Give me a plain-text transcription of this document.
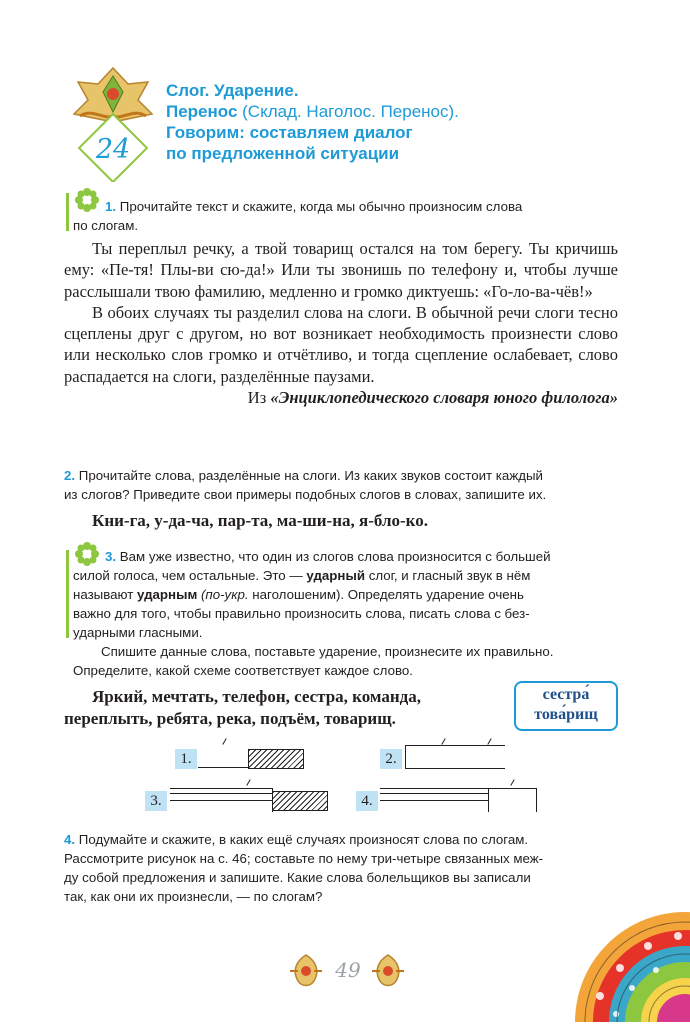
24
Слог. Ударение.
Перенос (Склад. Наголос. Перенос).
Говорим: составляем диалог
по предложенной ситуации
1. Прочитайте текст и скажите, когда мы обычно произносим слова
по слогам.
Ты переплыл речку, а твой товарищ остался на том берегу. Ты кричишь ему: «Пе-тя! Плы-ви сю-да!» Или ты звонишь по телефону и, чтобы лучше расслышали твою фамилию, медленно и громко диктуешь: «Го-ло-ва-чёв!»
В обоих случаях ты разделил слова на слоги. В обычной речи слоги тесно сцеплены друг с другом, но вот возникает необходимость произнести слово или несколько слов громко и отчётливо, и тогда сцепление ослабевает, слово распадается на слоги, разделённые паузами.
Из «Энциклопедического словаря юного филолога»
2. Прочитайте слова, разделённые на слоги. Из каких звуков состоит каждый
из слогов? Приведите свои примеры подобных слогов в словах, запишите их.
Кни-га, у-да-ча, пар-та, ма-ши-на, я-бло-ко.
3. Вам уже известно, что один из слогов слова произносится с большей
силой голоса, чем остальные. Это — ударный слог, и гласный звук в нём
называют ударным (по-укр. наголошеним). Определять ударение очень
важно для того, чтобы правильно произносить слова, писать слова с без-
ударными гласными.
Спишите данные слова, поставьте ударение, произнесите их правильно.
Определите, какой схеме соответствует каждое слово.
Яркий, мечтать, телефон, сестра, команда,
переплыть, ребята, река, подъём, товарищ.
сестра́
това́рищ
1.	2.
3.	4.
4. Подумайте и скажите, в каких ещё случаях произносят слова по слогам.
Рассмотрите рисунок на с. 46; составьте по нему три-четыре связанных меж-
ду собой предложения и запишите. Какие слова болельщиков вы записали
так, как они их произнесли, — по слогам?
49
